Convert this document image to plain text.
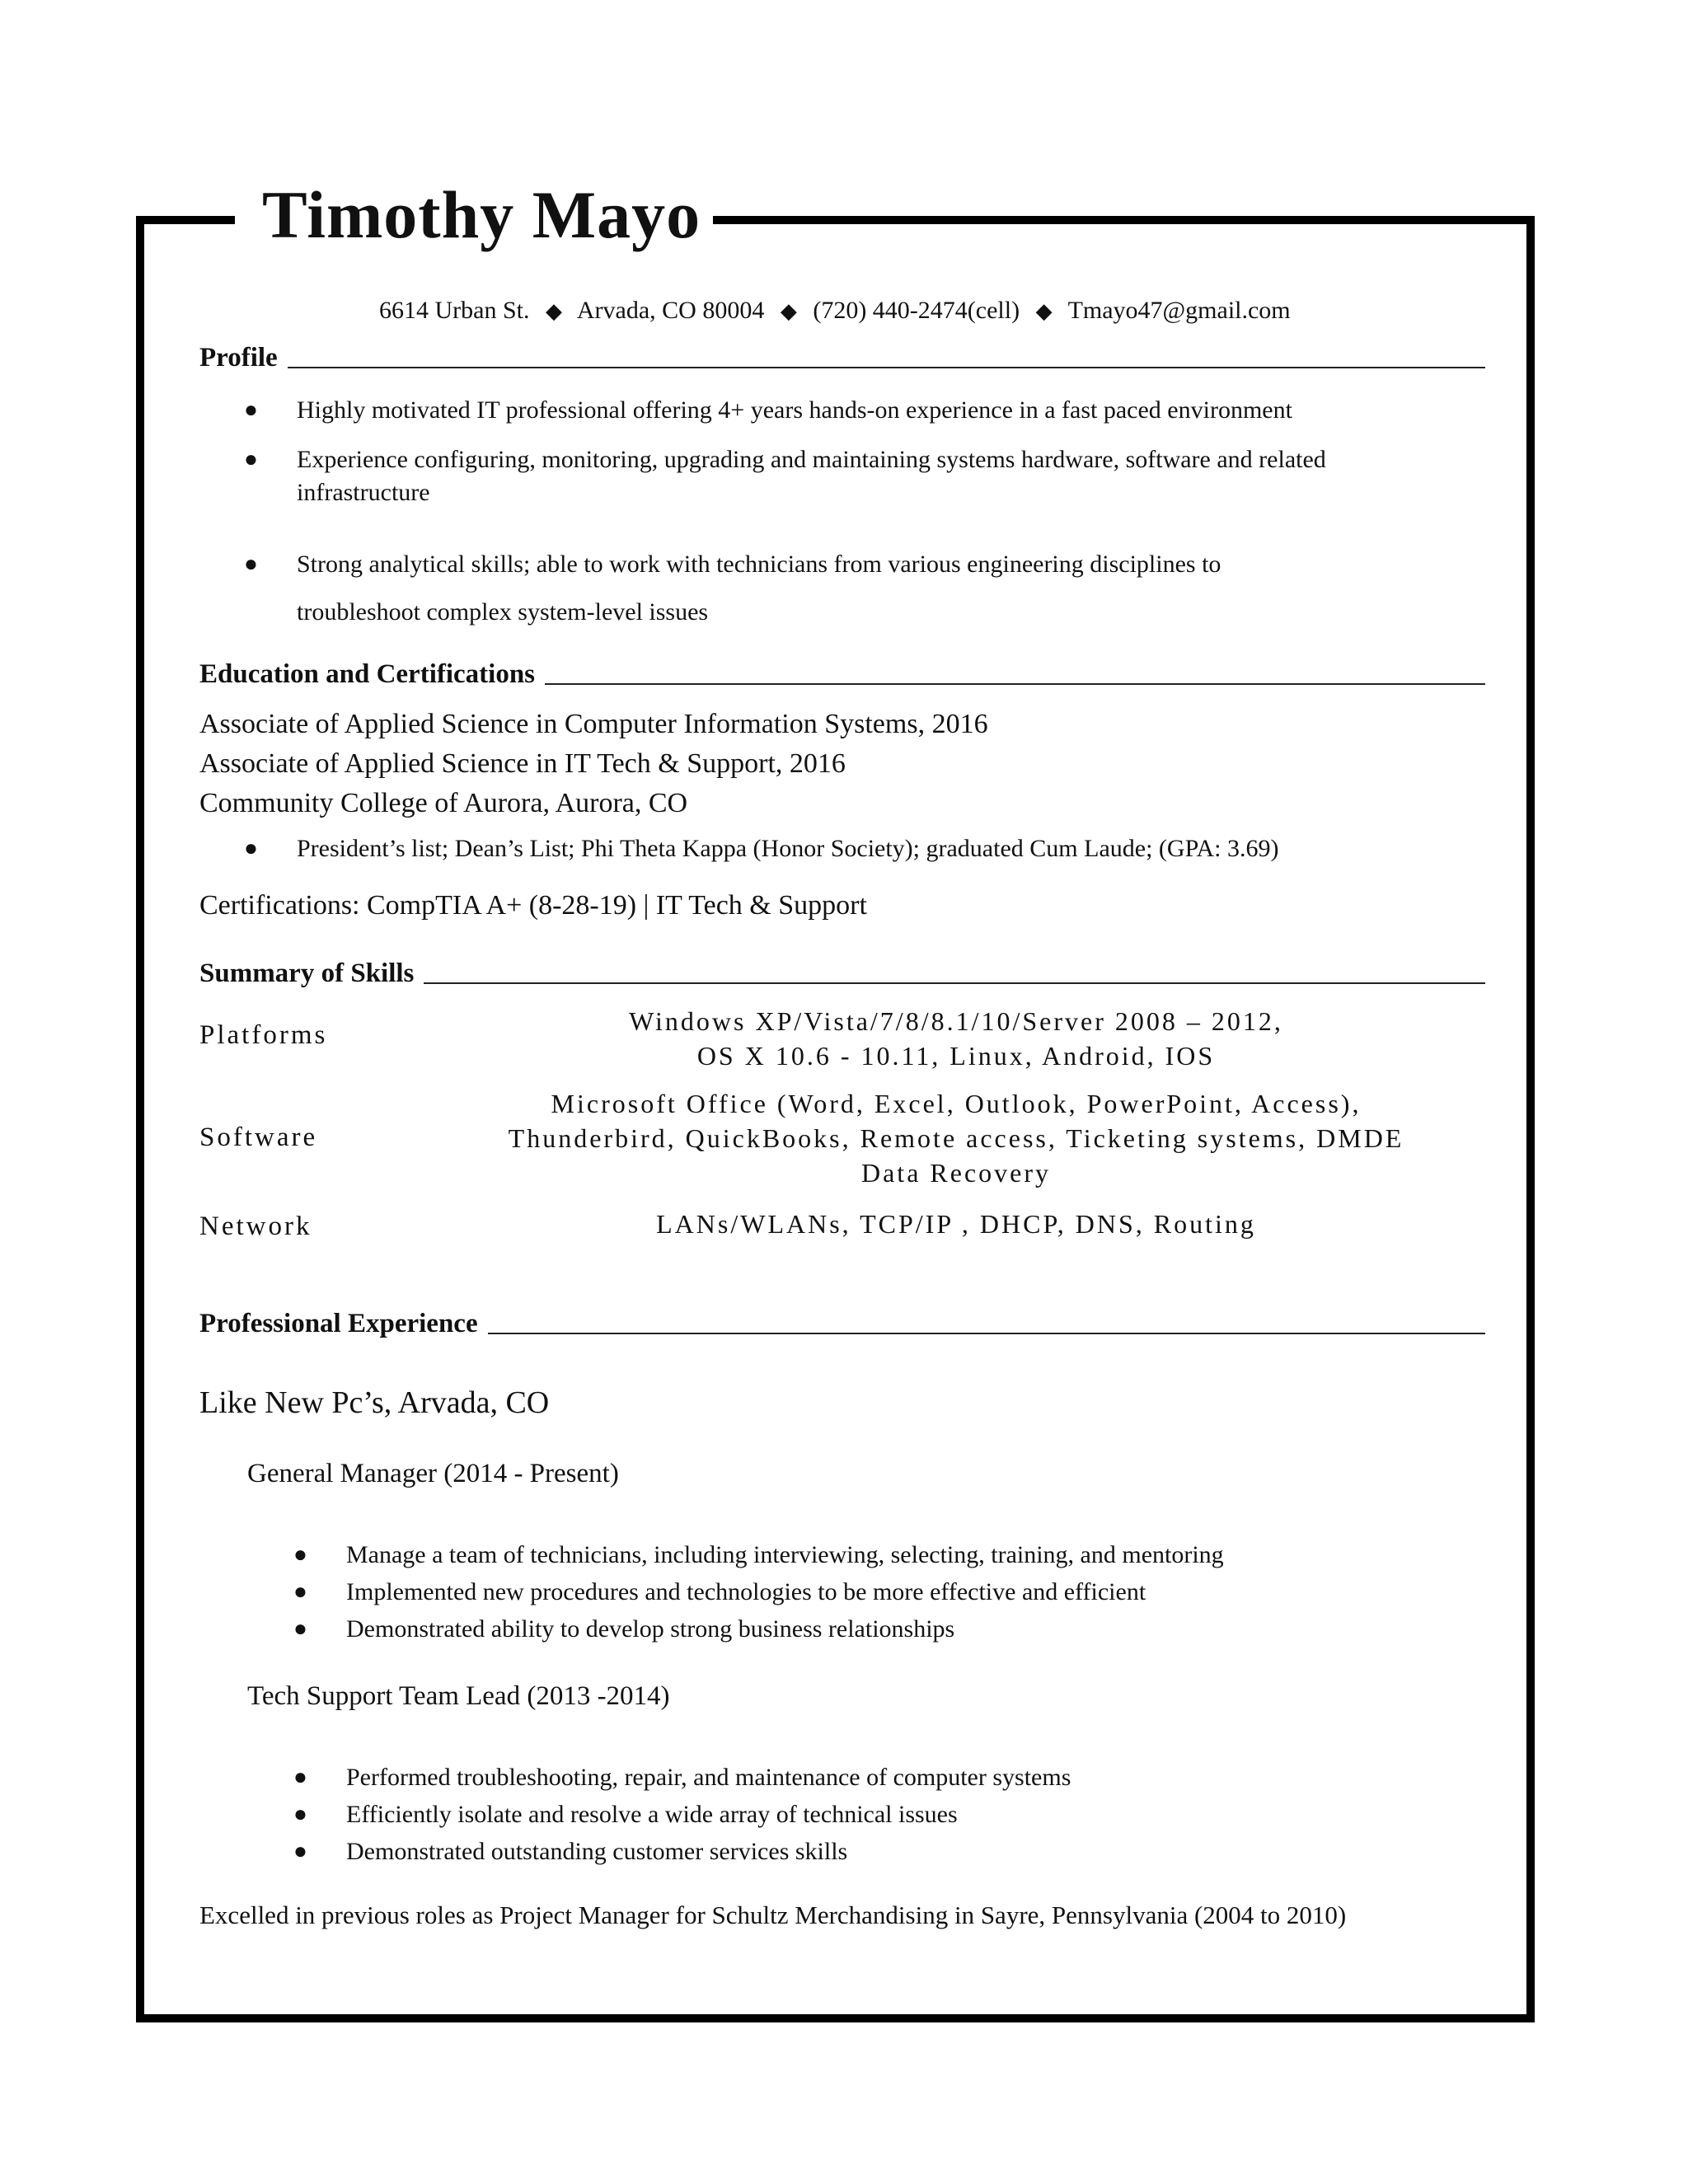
Timothy Mayo
6614 Urban St. ◆ Arvada, CO 80004 ◆ (720) 440-2474(cell) ◆ Tmayo47@gmail.com
Profile
● Highly motivated IT professional offering 4+ years hands-on experience in a fast paced environment
● Experience configuring, monitoring, upgrading and maintaining systems hardware, software and related
infrastructure
● Strong analytical skills; able to work with technicians from various engineering disciplines to
troubleshoot complex system-level issues
Education and Certifications
Associate of Applied Science in Computer Information Systems, 2016
Associate of Applied Science in IT Tech & Support, 2016
Community College of Aurora, Aurora, CO
● President’s list; Dean’s List; Phi Theta Kappa (Honor Society); graduated Cum Laude; (GPA: 3.69)
Certifications: CompTIA A+ (8-28-19) | IT Tech & Support
Summary of Skills
Platforms	Windows XP/Vista/7/8/8.1/10/Server 2008 – 2012,
OS X 10.6 - 10.11, Linux, Android, IOS
Software
Microsoft Office (Word, Excel, Outlook, PowerPoint, Access),
Thunderbird, QuickBooks, Remote access, Ticketing systems, DMDE
Data Recovery
Network	LANs/WLANs, TCP/IP , DHCP, DNS, Routing
Professional Experience
Like New Pc’s, Arvada, CO
General Manager (2014 - Present)
● Manage a team of technicians, including interviewing, selecting, training, and mentoring
● Implemented new procedures and technologies to be more effective and efficient
● Demonstrated ability to develop strong business relationships
Tech Support Team Lead (2013 -2014)
● Performed troubleshooting, repair, and maintenance of computer systems
● Efficiently isolate and resolve a wide array of technical issues
● Demonstrated outstanding customer services skills
Excelled in previous roles as Project Manager for Schultz Merchandising in Sayre, Pennsylvania (2004 to 2010)
